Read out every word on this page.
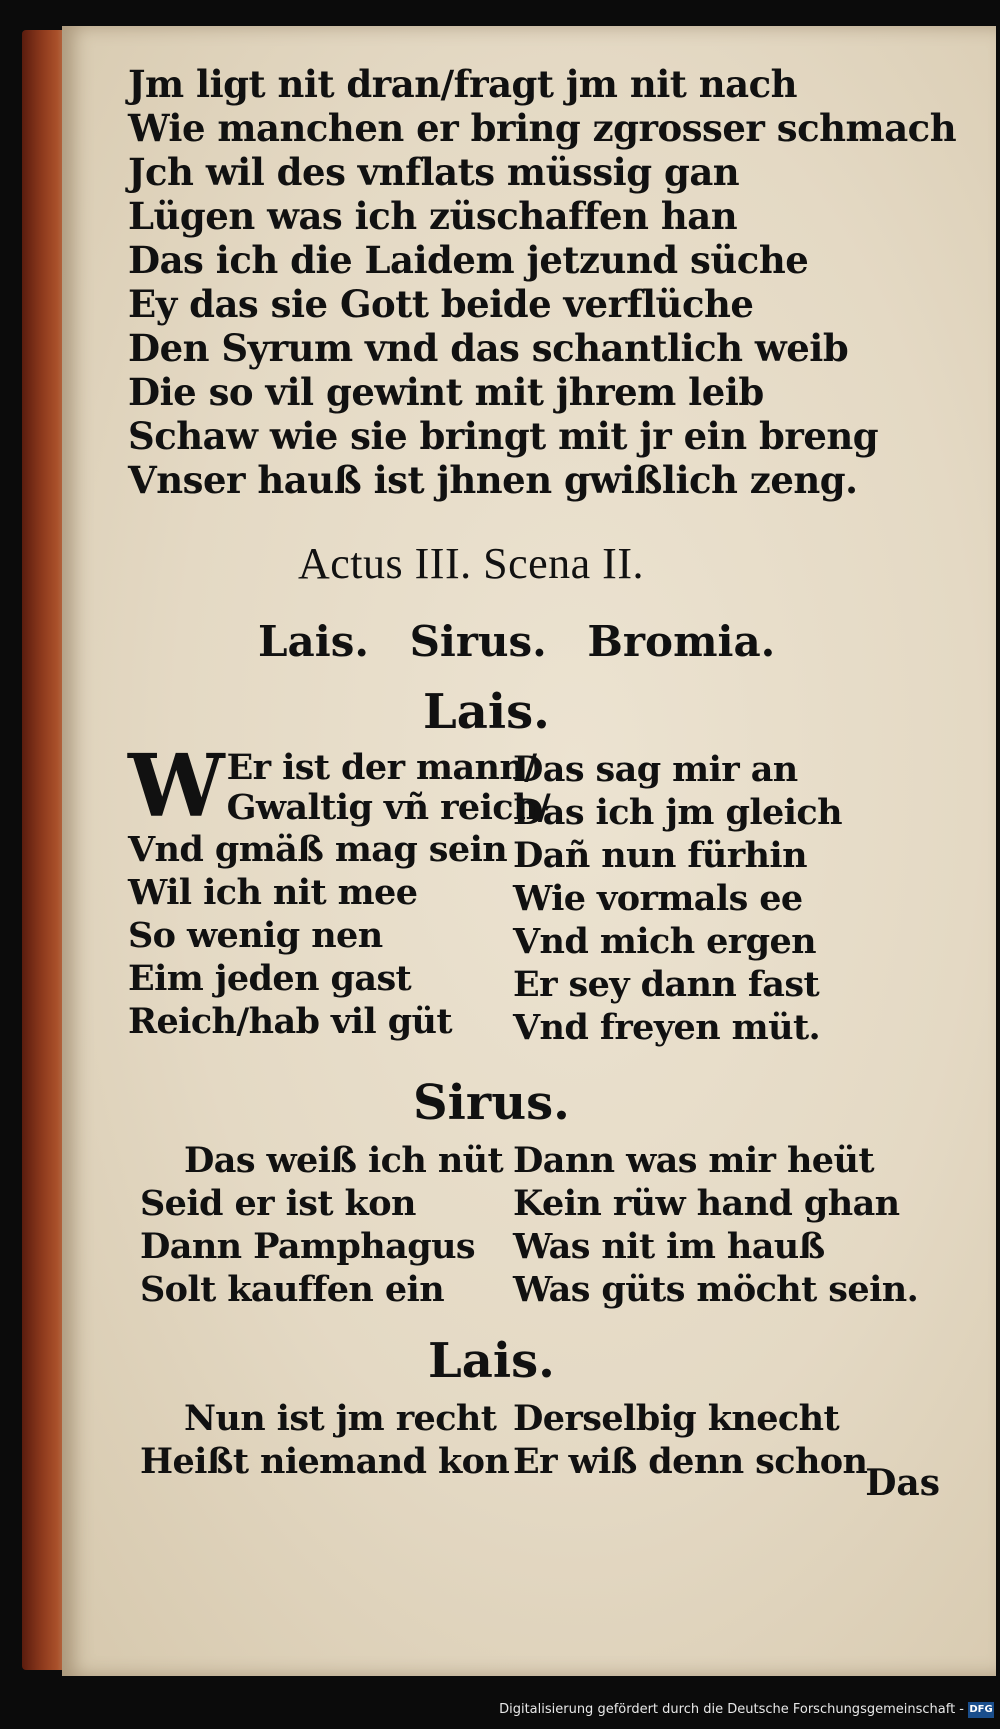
Jm ligt nit dran/fragt jm nit nach
Wie manchen er bring zgrosser schmach
Jch wil des vnflats müssig gan
Lügen was ich züschaffen han
Das ich die Laidem jetzund süche
Ey das sie Gott beide verflüche
Den Syrum vnd das schantlich weib
Die so vil gewint mit jhrem leib
Schaw wie sie bringt mit jr ein breng
Vnser hauß ist jhnen gwißlich zeng.
Actus III. Scena II.
Lais. Sirus. Bromia.
Lais.
W Er ist der mann/
Gwaltig vñ reich/
Vnd gmäß mag sein
Wil ich nit mee
So wenig nen
Eim jeden gast
Reich/hab vil güt
Das sag mir an
Das ich jm gleich
Dañ nun fürhin
Wie vormals ee
Vnd mich ergen
Er sey dann fast
Vnd freyen müt.
Sirus.
Das weiß ich nüt
Seid er ist kon
Dann Pamphagus
Solt kauffen ein
Dann was mir heüt
Kein rüw hand ghan
Was nit im hauß
Was güts möcht sein.
Lais.
Nun ist jm recht
Heißt niemand kon
Derselbig knecht
Er wiß denn schon
Das
Digitalisierung gefördert durch die Deutsche Forschungsgemeinschaft - DFG
